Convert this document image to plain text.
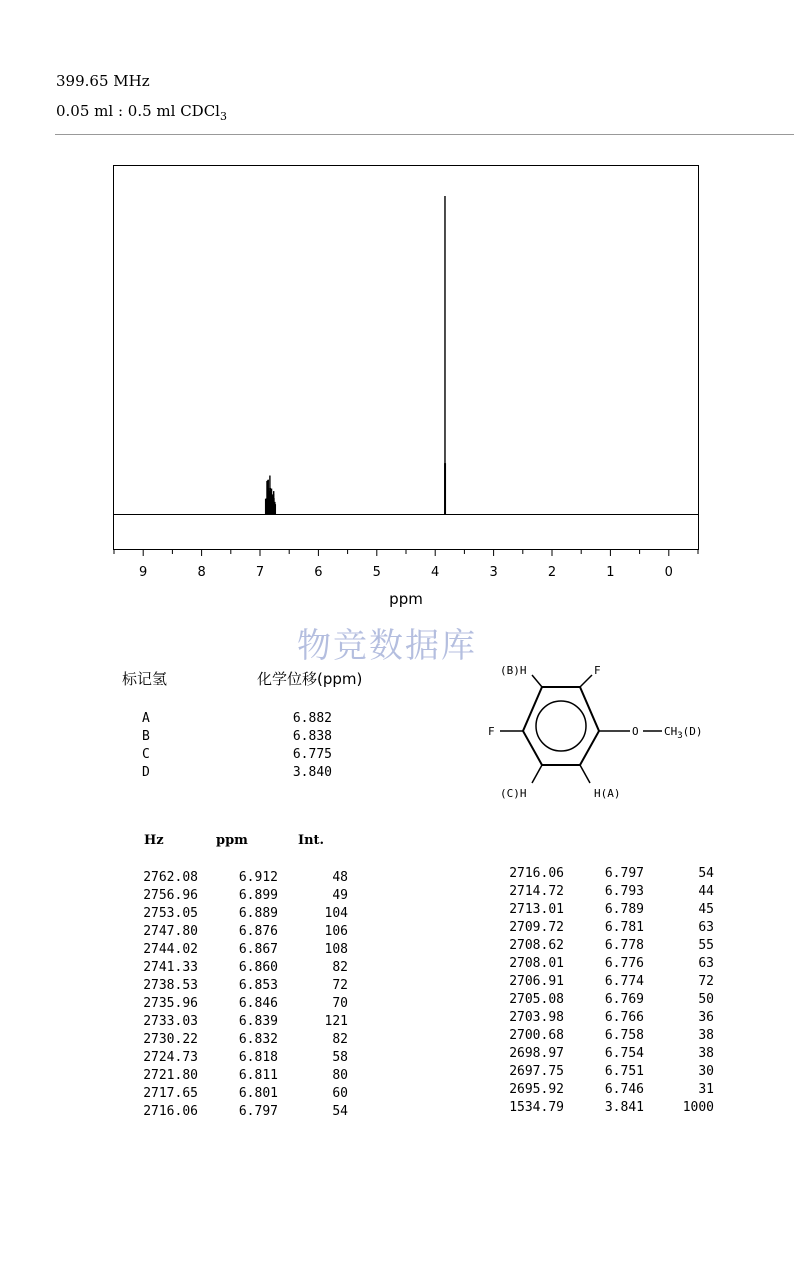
399.65 MHz
0.05 ml : 0.5 ml CDCl$_3$
9	8	7	6	5	4	3	2	1	0
ppm
物竞数据库
标记氢	化学位移(ppm)
A	6.882
B	6.838
C	6.775
D	3.840
(B)H	F
F	O $CH_3(D)$
(C)H	H(A)
Hz	ppm	Int.
2762.08	6.912	48
2756.96	6.899	49
2753.05	6.889	104
2747.80	6.876	106
2744.02	6.867	108
2741.33	6.860	82
2738.53	6.853	72
2735.96	6.846	70
2733.03	6.839	121
2730.22	6.832	82
2724.73	6.818	58
2721.80	6.811	80
2717.65	6.801	60
2716.06	6.797	54
2716.06	6.797	54
2714.72	6.793	44
2713.01	6.789	45
2709.72	6.781	63
2708.62	6.778	55
2708.01	6.776	63
2706.91	6.774	72
2705.08	6.769	50
2703.98	6.766	36
2700.68	6.758	38
2698.97	6.754	38
2697.75	6.751	30
2695.92	6.746	31
1534.79	3.841	1000
